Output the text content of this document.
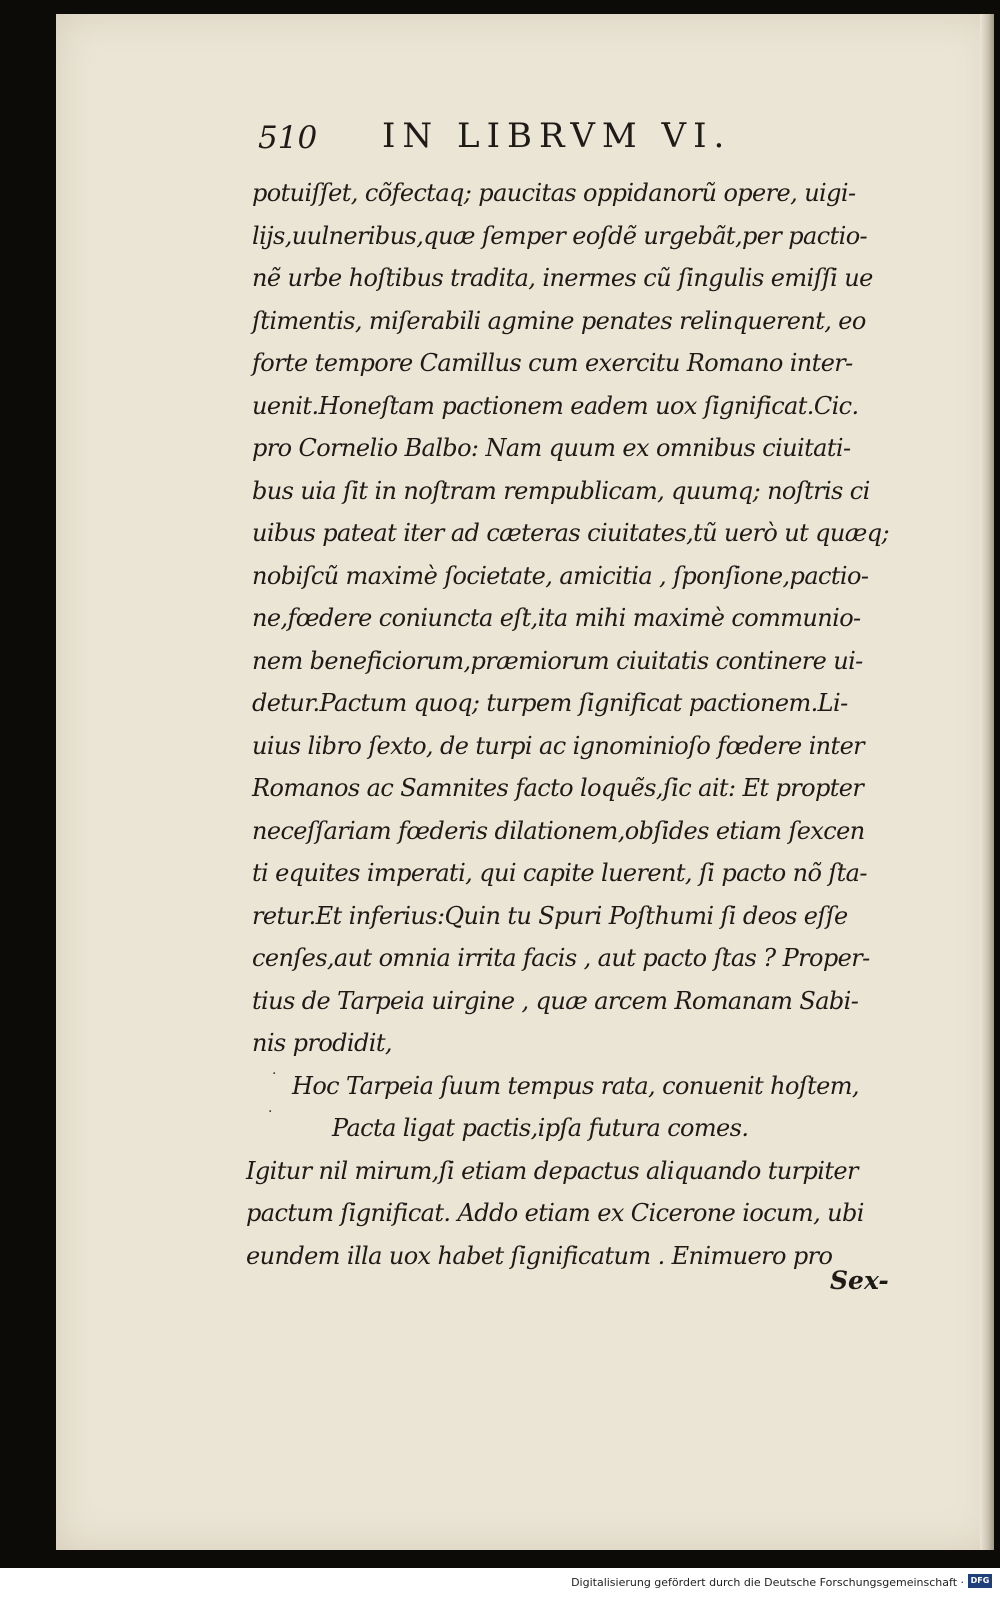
510 IN LIBRVM VI.
potuiſſet, cõfectaq; paucitas oppidanorũ opere, uigi-
lijs,uulneribus,quæ ſemper eoſdẽ urgebãt,per pactio-
nẽ urbe hoſtibus tradita, inermes cũ ſingulis emiſſi ue
ſtimentis, miſerabili agmine penates relinquerent, eo
forte tempore Camillus cum exercitu Romano inter-
uenit.Honeſtam pactionem eadem uox ſignificat.Cic.
pro Cornelio Balbo: Nam quum ex omnibus ciuitati-
bus uia ſit in noſtram rempublicam, quumq; noſtris ci
uibus pateat iter ad cæteras ciuitates,tũ uerò ut quæq;
nobiſcũ maximè ſocietate, amicitia , ſponſione,pactio-
ne,fœdere coniuncta eſt,ita mihi maximè communio-
nem beneficiorum,præmiorum ciuitatis continere ui-
detur.Pactum quoq; turpem ſignificat pactionem.Li-
uius libro ſexto, de turpi ac ignominioſo fœdere inter
Romanos ac Samnites facto loquẽs,ſic ait: Et propter
neceſſariam fœderis dilationem,obſides etiam ſexcen
ti equites imperati, qui capite luerent, ſi pacto nõ ſta-
retur.Et inferius:Quin tu Spuri Poſthumi ſi deos eſſe
cenſes,aut omnia irrita facis , aut pacto ſtas ? Proper-
tius de Tarpeia uirgine , quæ arcem Romanam Sabi-
nis prodidit,
Hoc Tarpeia ſuum tempus rata, conuenit hoſtem,
Pacta ligat pactis,ipſa futura comes.
Igitur nil mirum,ſi etiam depactus aliquando turpiter
pactum ſignificat. Addo etiam ex Cicerone iocum, ubi
eundem illa uox habet ſignificatum . Enimuero pro
Sex-
·
·
Digitalisierung gefördert durch die Deutsche Forschungsgemeinschaft · DFG
